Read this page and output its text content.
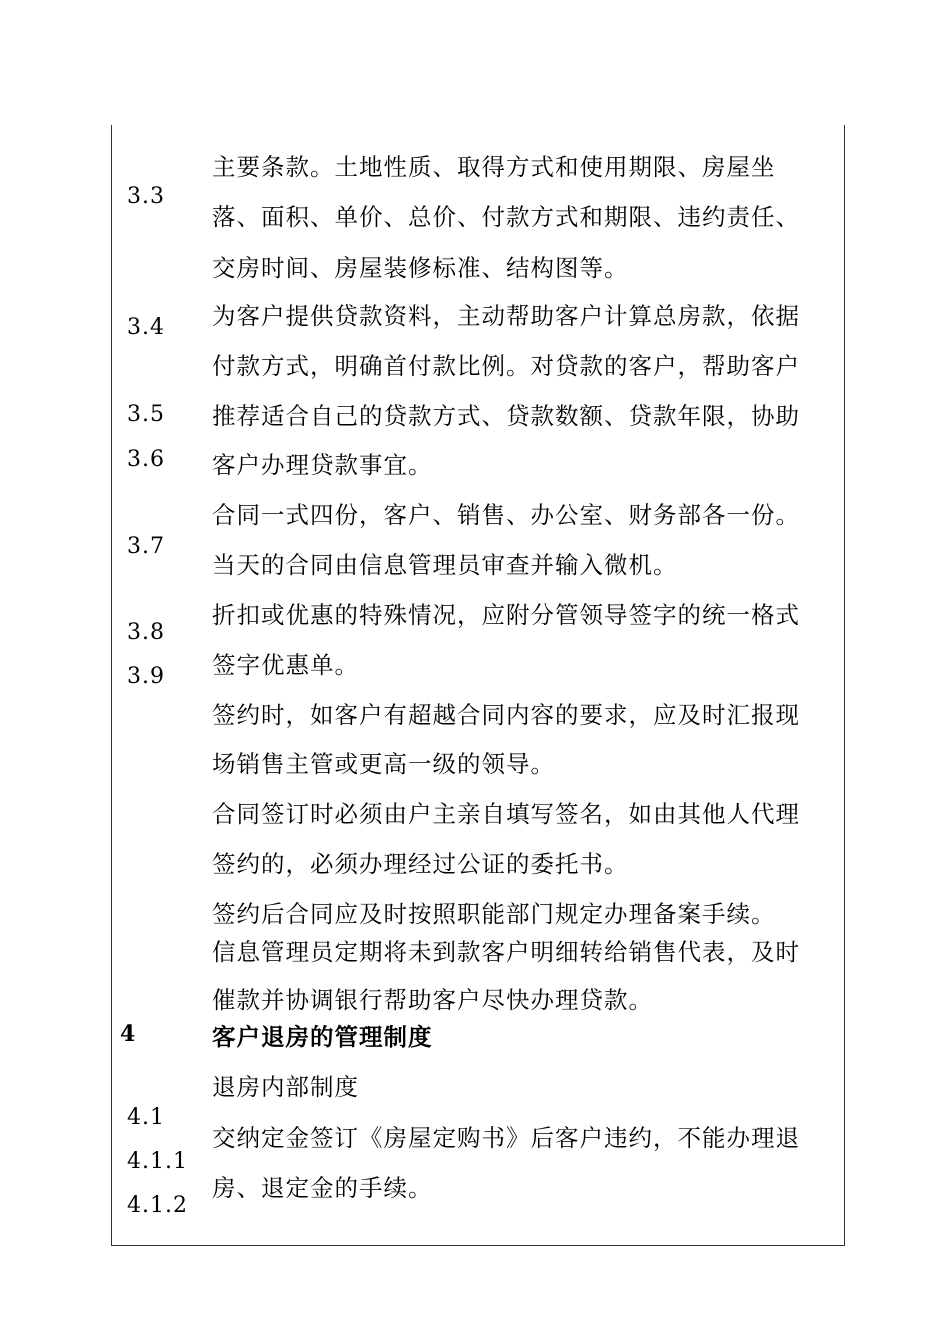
3.3
3.4
3.5
3.6
3.7
3.8
3.9
4
4.1
4.1.1
4.1.2
主要条款。土地性质、取得方式和使用期限、房屋坐
落、面积、单价、总价、付款方式和期限、违约责任、
交房时间、房屋装修标准、结构图等。
为客户提供贷款资料，主动帮助客户计算总房款，依据
付款方式，明确首付款比例。对贷款的客户，帮助客户
推荐适合自己的贷款方式、贷款数额、贷款年限，协助
客户办理贷款事宜。
合同一式四份，客户、销售、办公室、财务部各一份。
当天的合同由信息管理员审查并输入微机。
折扣或优惠的特殊情况，应附分管领导签字的统一格式
签字优惠单。
签约时，如客户有超越合同内容的要求，应及时汇报现
场销售主管或更高一级的领导。
合同签订时必须由户主亲自填写签名，如由其他人代理
签约的，必须办理经过公证的委托书。
签约后合同应及时按照职能部门规定办理备案手续。
信息管理员定期将未到款客户明细转给销售代表，及时
催款并协调银行帮助客户尽快办理贷款。
客户退房的管理制度
退房内部制度
交纳定金签订《房屋定购书》后客户违约，不能办理退
房、退定金的手续。
